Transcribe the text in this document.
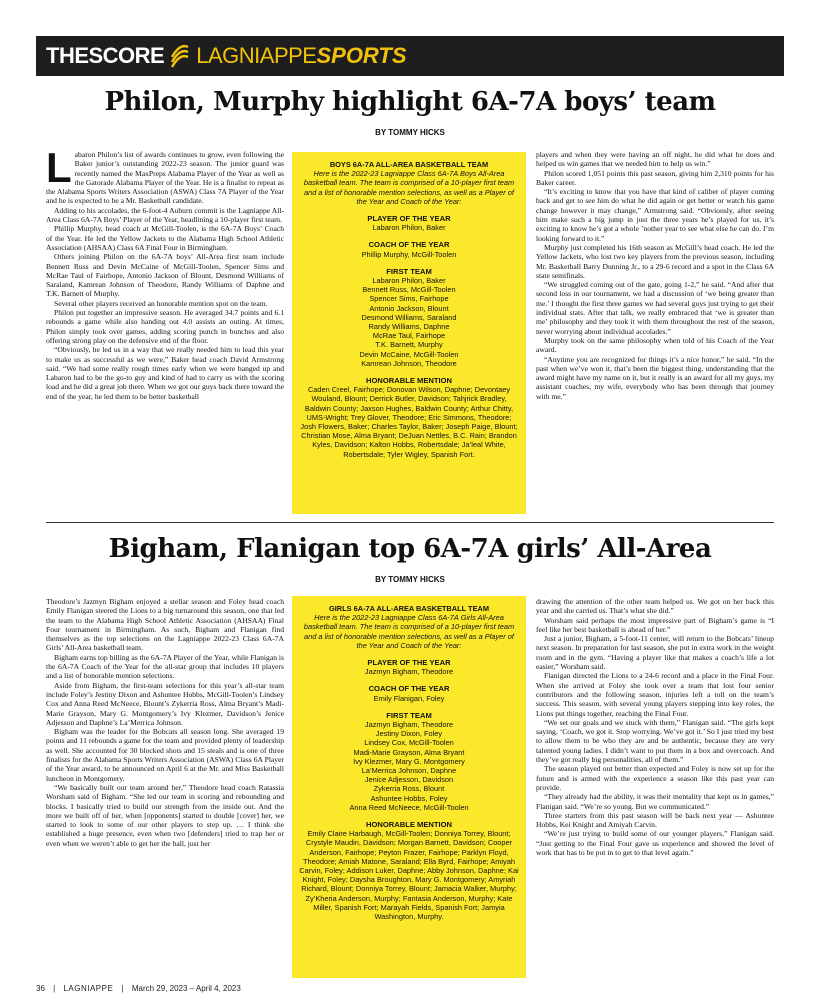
THESCORE LAGNIAPPE SPORTS
Philon, Murphy highlight 6A-7A boys’ team
BY TOMMY HICKS

Labaron Philon’s list of awards continues to grow, even following the Baker junior’s outstanding 2022-23 season. The junior guard was recently named the MaxPreps Alabama Player of the Year as well as the Gatorade Alabama Player of the Year. He is a finalist to repeat as the Alabama Sports Writers Association (ASWA) Class 7A Player of the Year and he is expected to be a Mr. Basketball candidate.

Adding to his accolades, the 6-foot-4 Auburn commit is the Lagniappe All-Area Class 6A-7A Boys’ Player of the Year, headlining a 10-player first team.

Phillip Murphy, head coach at McGill-Toolen, is the 6A-7A Boys’ Coach of the Year. He led the Yellow Jackets to the Alabama High School Athletic Association (AHSAA) Class 6A Final Four in Birmingham.

Others joining Philon on the 6A-7A boys’ All-Area first team include Bennett Russ and Devin McCaine of McGill-Toolen, Spencer Sims and McRae Taul of Fairhope, Antonio Jackson of Blount, Desmond Williams of Saraland, Kamrean Johnson of Theodore, Randy Williams of Daphne and T.K. Barnett of Murphy.

Several other players received an honorable mention spot on the team.

Philon put together an impressive season. He averaged 34.7 points and 6.1 rebounds a game while also handing out 4.0 assists an outing. At times, Philon simply took over games, adding scoring punch in bunches and also offering strong play on the defensive end of the floor.

“Obviously, he led us in a way that we really needed him to lead this year to make us as successful as we were,” Baker head coach David Armstrong said. “We had some really rough times early when we were banged up and Labaron had to be the go-to guy and kind of had to carry us with the scoring load and he did a great job there. When we got our guys back there toward the end of the year, he led them to be better basketball

BOYS 6A-7A ALL-AREA BASKETBALL TEAM
Here is the 2022-23 Lagniappe Class 6A-7A Boys All-Area basketball team. The team is comprised of a 10-player first team and a list of honorable mention selections, as well as a Player of the Year and Coach of the Year:
PLAYER OF THE YEAR
Labaron Philon, Baker
COACH OF THE YEAR
Phillip Murphy, McGill-Toolen
FIRST TEAM
Labaron Philon, Baker
Bennett Russ, McGill-Toolen
Spencer Sims, Fairhope
Antonio Jackson, Blount
Desmond Williams, Saraland
Randy Williams, Daphne
McRae Taul, Fairhope
T.K. Barnett, Murphy
Devin McCaine, McGill-Toolen
Kamrean Johnson, Theodore
HONORABLE MENTION
Caden Creel, Fairhope; Donovan Wilson, Daphne; Devontaey Wouland, Blount; Derrick Butler, Davidson; Tahjrick Bradley, Baldwin County; Jaxson Hughes, Baldwin County; Arthur Chitty, UMS-Wright; Trey Glover, Theodore; Eric Simmons, Theodore; Josh Flowers, Baker; Charles Taylor, Baker; Joseph Paige, Blount; Christian Mose, Alma Bryant; DeJuan Nettles, B.C. Rain; Brandon Kyles, Davidson; Kalton Hobbs, Robertsdale; Ja’leal White, Robertsdale; Tyler Wigley, Spanish Fort.

players and when they were having an off night, he did what he does and helped us win games that we needed him to help us win.”

Philon scored 1,051 points this past season, giving him 2,310 points for his Baker career.

“It’s exciting to know that you have that kind of caliber of player coming back and get to see him do what he did again or get better or watch his game change however it may change,” Armstrong said. “Obviously, after seeing him make such a big jump in just the three years he’s played for us, it’s exciting to know he’s got a whole ’nother year to see what else he can do. I’m looking forward to it.”

Murphy just completed his 16th season as McGill’s head coach. He led the Yellow Jackets, who lost two key players from the previous season, including Mr. Basketball Barry Dunning Jr., to a 29-6 record and a spot in the Class 6A state semifinals.

“We struggled coming out of the gate, going 1-2,” he said. “And after that second loss in our tournament, we had a discussion of ‘we being greater than me.’ I thought the first three games we had several guys just trying to get their individual stats. After that talk, we really embraced that ‘we is greater than me’ philosophy and they took it with them throughout the rest of the season, never worrying about individual accolades.”

Murphy took on the same philosophy when told of his Coach of the Year award.

“Anytime you are recognized for things it’s a nice honor,” he said. “In the past when we’ve won it, that’s been the biggest thing, understanding that the award might have my name on it, but it really is an award for all my guys, my assistant coaches, my wife, everybody who has been through that journey with me.”

Bigham, Flanigan top 6A-7A girls’ All-Area
BY TOMMY HICKS

Theodore’s Jazmyn Bigham enjoyed a stellar season and Foley head coach Emily Flanigan steered the Lions to a big turnaround this season, one that led the team to the Alabama High School Athletic Association (AHSAA) Final Four tournament in Birmingham. As such, Bigham and Flanigan find themselves as the top selections on the Lagniappe 2022-23 Class 6A-7A Girls’ All-Area basketball team.

Bigham earns top billing as the 6A-7A Player of the Year, while Flanigan is the 6A-7A Coach of the Year for the all-star group that includes 10 players and a list of honorable mention selections.

Aside from Bigham, the first-team selections for this year’s all-star team include Foley’s Jestiny Dixon and Ashuntee Hobbs, McGill-Toolen’s Lindsey Cox and Anna Reed McNeece, Blount’s Zykerria Ross, Alma Bryant’s Madi-Marie Grayson, Mary G. Montgomery’s Ivy Klezmer, Davidson’s Jenice Adjesson and Daphne’s La’Merrica Johnson.

Bigham was the leader for the Bobcats all season long. She averaged 19 points and 11 rebounds a game for the team and provided plenty of leadership as well. She accounted for 30 blocked shots and 15 steals and is one of three finalists for the Alabama Sports Writers Association (ASWA) Class 6A Player of the Year award, to be announced on April 6 at the Mr. and Miss Basketball luncheon in Montgomery.

“We basically built our team around her,” Theodore head coach Ratassia Worsham said of Bigham. “She led our team in scoring and rebounding and blocks. I basically tried to build our strength from the inside out. And the more we built off of her, when [opponents] started to double [cover] her, we started to look to some of our other players to step up. … I think she established a huge presence, even when two [defenders] tried to trap her or even when we weren’t able to get her the ball, just her

GIRLS 6A-7A ALL-AREA BASKETBALL TEAM
Here is the 2022-23 Lagniappe Class 6A-7A Girls All-Area basketball team. The team is comprised of a 10-player first team and a list of honorable mention selections, as well as a Player of the Year and Coach of the Year:
PLAYER OF THE YEAR
Jazmyn Bigham, Theodore
COACH OF THE YEAR
Emily Flanigan, Foley
FIRST TEAM
Jazmyn Bigham, Theodore
Jestiny Dixon, Foley
Lindsey Cox, McGill-Toolen
Madi-Marie Grayson, Alma Bryant
Ivy Klezmer, Mary G. Montgomery
La’Merrica Johnson, Daphne
Jenice Adjesson, Davidson
Zykerria Ross, Blount
Ashuntee Hobbs, Foley
Anna Reed McNeece, McGill-Toolen
HONORABLE MENTION
Emily Claire Harbaugh, McGill-Toolen; Donniya Torrey, Blount; Crystyle Maudin, Davidson; Morgan Barnett, Davidson; Cooper Anderson, Fairhope; Peyton Frazer, Fairhope; Parklyn Floyd, Theodore; Amiah Matone, Saraland; Ella Byrd, Fairhope; Amiyah Carvin, Foley; Addison Luker, Daphne; Abby Johnson, Daphne; Kai Knight, Foley; Daysha Broughton, Mary G. Montgomery; Amyriah Richard, Blount; Donniya Torrey, Blount; Jamacia Walker, Murphy; Zy’Kheria Anderson, Murphy; Fantasia Anderson, Murphy; Kate Miller, Spanish Fort; Marayah Fields, Spanish Fort; Jamyia Washington, Murphy.

drawing the attention of the other team helped us. We got on her back this year and she carried us. That’s what she did.”

Worsham said perhaps the most impressive part of Bigham’s game is “I feel like her best basketball is ahead of her.”

Just a junior, Bigham, a 5-foot-11 center, will return to the Bobcats’ lineup next season. In preparation for last season, she put in extra work in the weight room and in the gym. “Having a player like that makes a coach’s life a lot easier,” Worsham said.

Flanigan directed the Lions to a 24-6 record and a place in the Final Four. When she arrived at Foley she took over a team that lost four senior contributors and the following season, injuries left a toll on the team’s success. This season, with several young players stepping into key roles, the Lions put things together, reaching the Final Four.

“We set our goals and we stuck with them,” Flanigan said. “The girls kept saying, ‘Coach, we got it. Stop worrying. We’ve got it.’ So I just tried my best to allow them to be who they are and be authentic, because they are very talented young ladies. I didn’t want to put them in a box and overcoach. And they’ve got really big personalities, all of them.”

The season played out better than expected and Foley is now set up for the future and is armed with the experience a season like this past year can provide.

“They already had the ability, it was their mentality that kept us in games,” Flanigan said. “We’re so young. But we communicated.”

Three starters from this past season will be back next year — Ashuntee Hobbs, Kei Knight and Amiyah Carvin.

“We’re just trying to build some of our younger players,” Flanigan said. “Just getting to the Final Four gave us experience and showed the level of work that has to be put in to get to that level again.”

36 | LAGNIAPPE | March 29, 2023 – April 4, 2023
